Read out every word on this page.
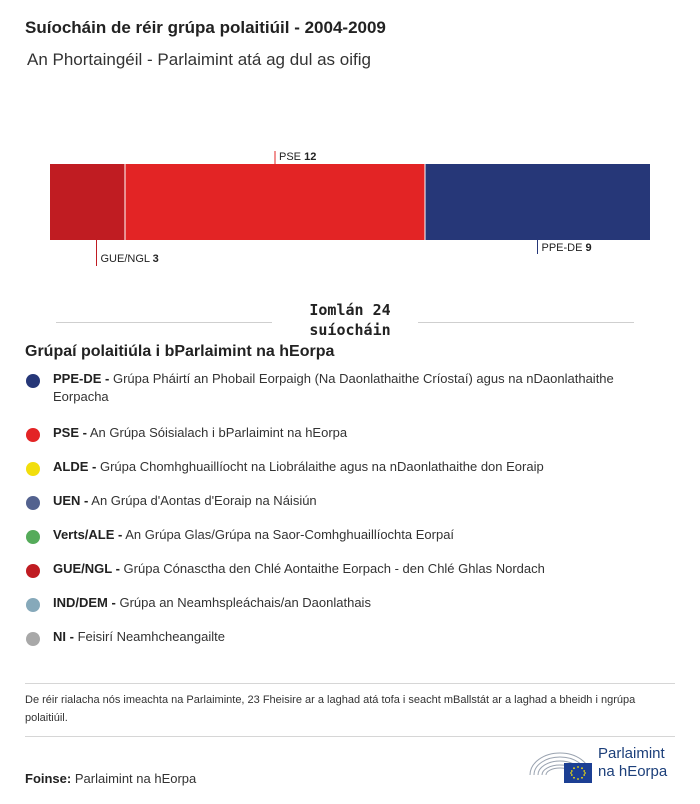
Suíocháin de réir grúpa polaitiúil - 2004-2009
An Phortaingéil - Parlaimint atá ag dul as oifig
GUE/NGL 3
PSE 12
PPE-DE 9
Iomlán 24
suíocháin
Grúpaí polaitiúla i bParlaimint na hEorpa
PPE-DE - Grúpa Pháirtí an Phobail Eorpaigh (Na Daonlathaithe Críostaí) agus na nDaonlathaithe Eorpacha
PSE - An Grúpa Sóisialach i bParlaimint na hEorpa
ALDE - Grúpa Chomhghuaillíocht na Liobrálaithe agus na nDaonlathaithe don Eoraip
UEN - An Grúpa d'Aontas d'Eoraip na Náisiún
Verts/ALE - An Grúpa Glas/Grúpa na Saor-Comhghuaillíochta Eorpaí
GUE/NGL - Grúpa Cónasctha den Chlé Aontaithe Eorpach - den Chlé Ghlas Nordach
IND/DEM - Grúpa an Neamhspleáchais/an Daonlathais
NI - Feisirí Neamhcheangailte
De réir rialacha nós imeachta na Parlaiminte, 23 Fheisire ar a laghad atá tofa i seacht mBallstát ar a laghad a bheidh i ngrúpa polaitiúil.
Foinse: Parlaimint na hEorpa
Parlaimint
na hEorpa
